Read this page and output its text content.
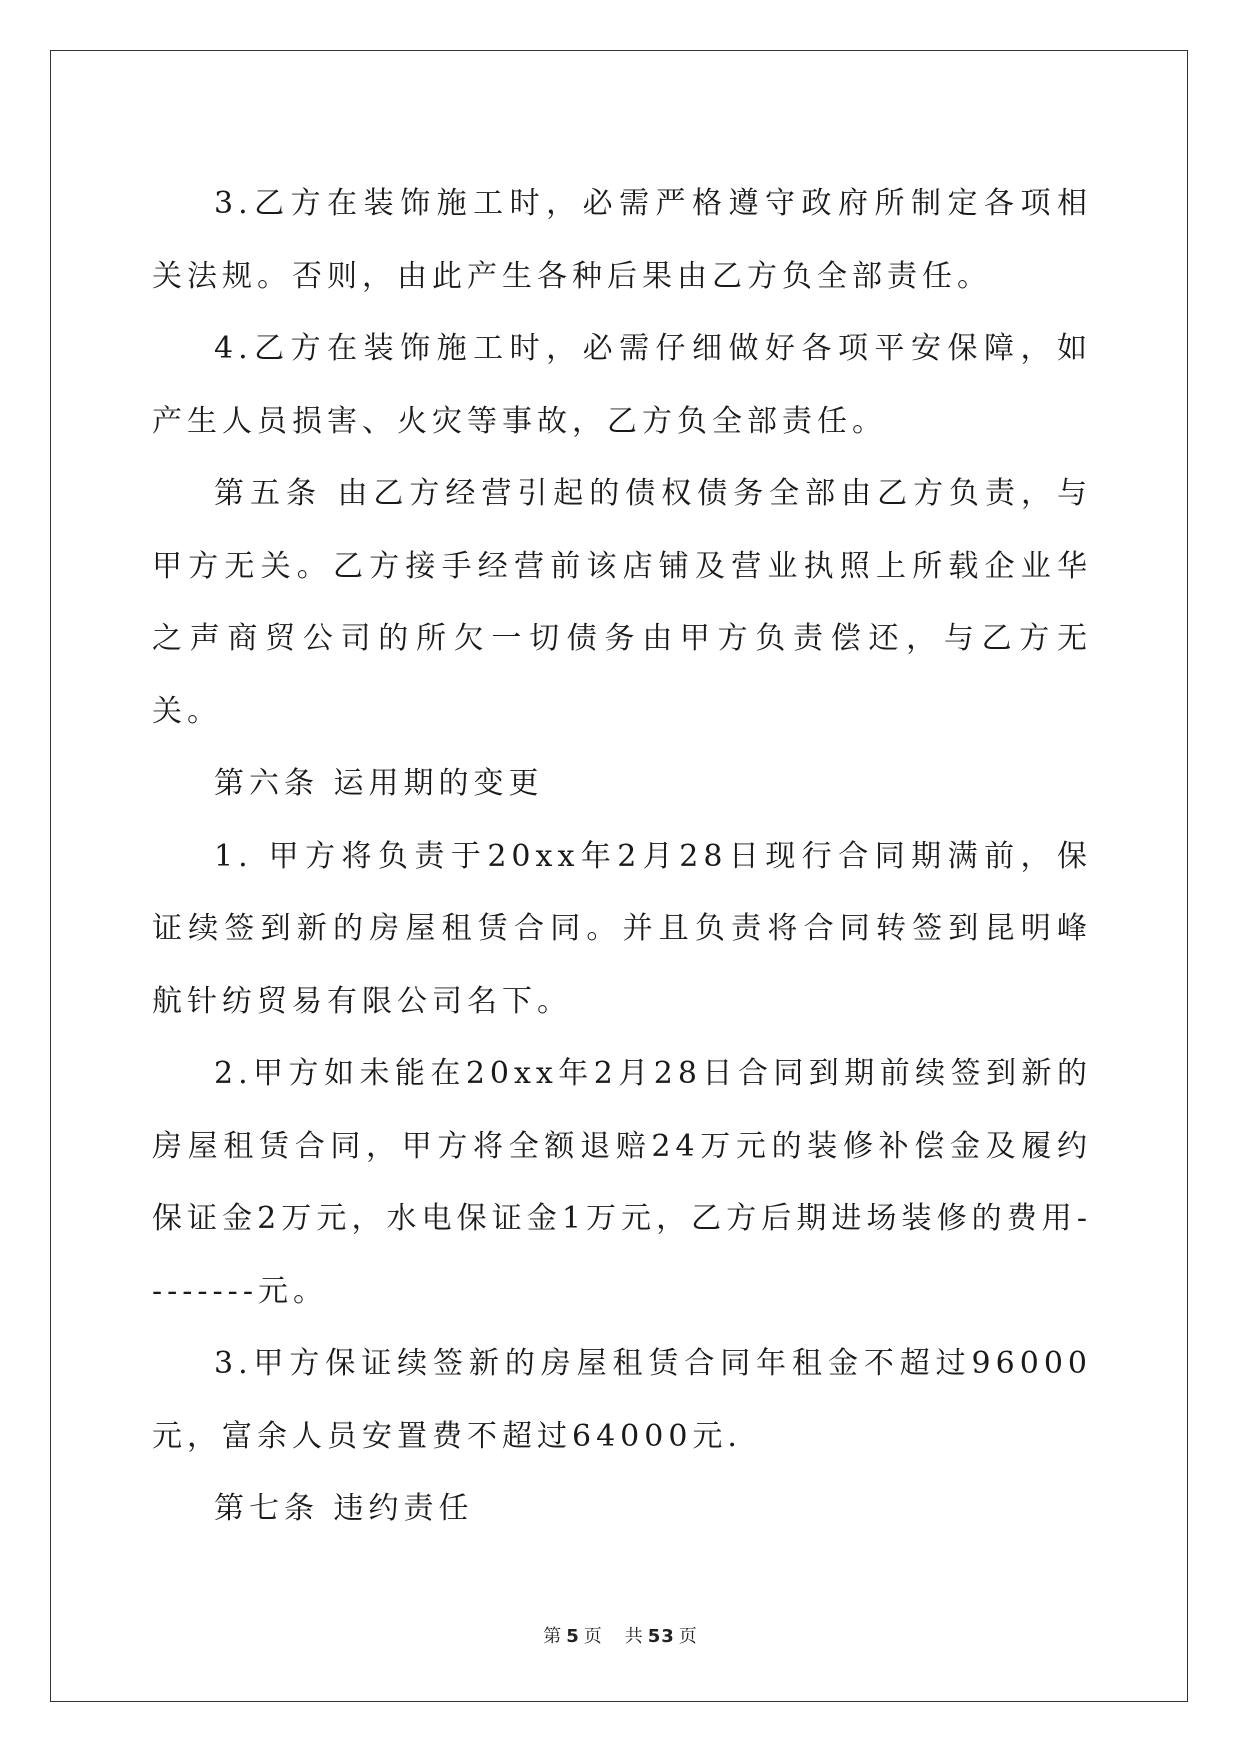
3.乙方在装饰施工时，必需严格遵守政府所制定各项相关法规。否则，由此产生各种后果由乙方负全部责任。

4.乙方在装饰施工时，必需仔细做好各项平安保障，如产生人员损害、火灾等事故，乙方负全部责任。

第五条 由乙方经营引起的债权债务全部由乙方负责，与甲方无关。乙方接手经营前该店铺及营业执照上所载企业华之声商贸公司的所欠一切债务由甲方负责偿还，与乙方无关。

第六条 运用期的变更

1. 甲方将负责于20xx年2月28日现行合同期满前，保证续签到新的房屋租赁合同。并且负责将合同转签到昆明峰航针纺贸易有限公司名下。

2.甲方如未能在20xx年2月28日合同到期前续签到新的房屋租赁合同，甲方将全额退赔24万元的装修补偿金及履约保证金2万元，水电保证金1万元，乙方后期进场装修的费用--------元。

3.甲方保证续签新的房屋租赁合同年租金不超过96000元，富余人员安置费不超过64000元.

第七条 违约责任

第 5 页 共 53 页
